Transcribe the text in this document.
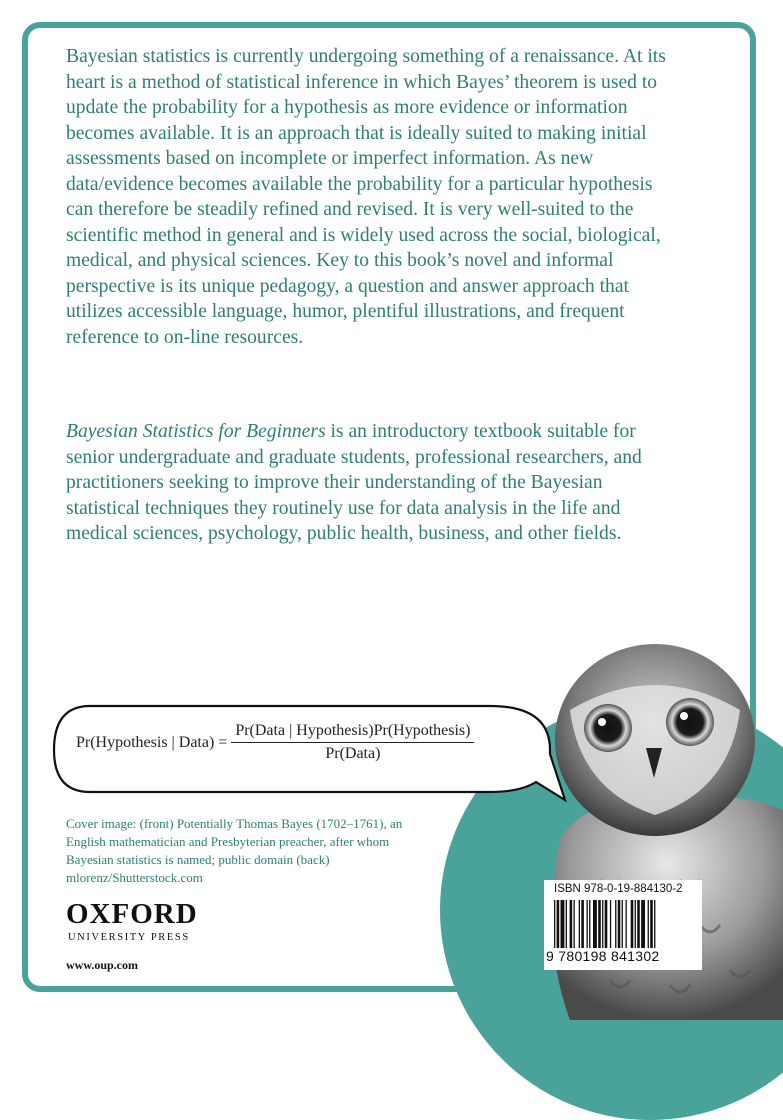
Bayesian statistics is currently undergoing something of a renaissance. At its heart is a method of statistical inference in which Bayes’ theorem is used to update the probability for a hypothesis as more evidence or information becomes available. It is an approach that is ideally suited to making initial assessments based on incomplete or imperfect information. As new data/evidence becomes available the probability for a particular hypothesis can therefore be steadily refined and revised. It is very well-suited to the scientific method in general and is widely used across the social, biological, medical, and physical sciences. Key to this book’s novel and informal perspective is its unique pedagogy, a question and answer approach that utilizes accessible language, humor, plentiful illustrations, and frequent reference to on-line resources.

Bayesian Statistics for Beginners is an introductory textbook suitable for senior undergraduate and graduate students, professional researchers, and practitioners seeking to improve their understanding of the Bayesian statistical techniques they routinely use for data analysis in the life and medical sciences, psychology, public health, business, and other fields.

Pr(Hypothesis | Data) = $\frac{\text{Pr(Data | Hypothesis)Pr(Hypothesis)}}{\text{Pr(Data)}}$

Cover image: (front) Potentially Thomas Bayes (1702–1761), an English mathematician and Presbyterian preacher, after whom Bayesian statistics is named; public domain (back) mlorenz/Shutterstock.com

OXFORD
UNIVERSITY PRESS
www.oup.com
ISBN 978-0-19-884130-2
9 780198 841302
